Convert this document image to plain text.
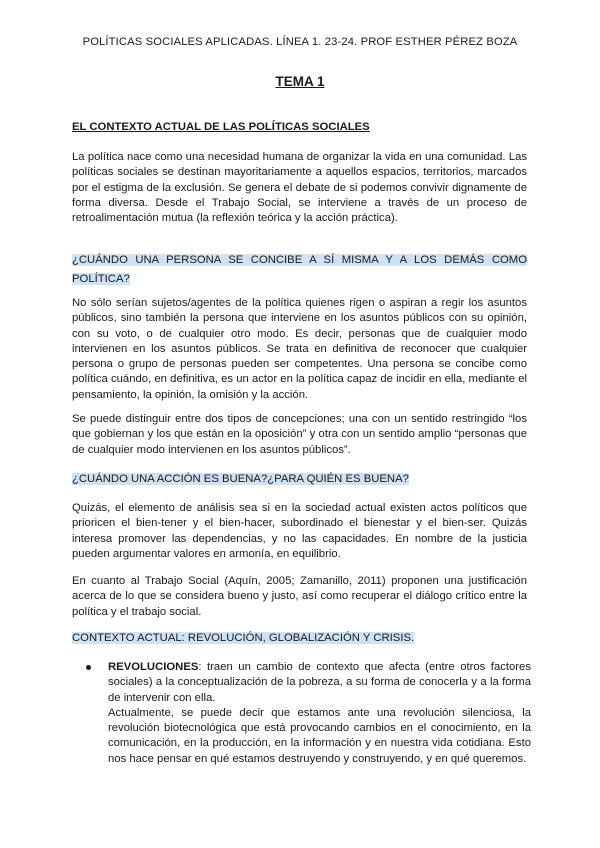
POLÍTICAS SOCIALES APLICADAS. LÍNEA 1. 23-24. PROF ESTHER PÉREZ BOZA
TEMA 1
EL CONTEXTO ACTUAL DE LAS POLÍTICAS SOCIALES

La política nace como una necesidad humana de organizar la vida en una comunidad. Las políticas sociales se destinan mayoritariamente a aquellos espacios, territorios, marcados por el estigma de la exclusión. Se genera el debate de si podemos convivir dignamente de forma diversa. Desde el Trabajo Social, se interviene a través de un proceso de retroalimentación mutua (la reflexión teórica y la acción práctica).

¿CUÁNDO UNA PERSONA SE CONCIBE A SÍ MISMA Y A LOS DEMÁS COMO POLÍTICA?

No sólo serían sujetos/agentes de la política quienes rigen o aspiran a regir los asuntos públicos, sino también la persona que interviene en los asuntos públicos con su opinión, con su voto, o de cualquier otro modo. Es decir, personas que de cualquier modo intervienen en los asuntos públicos. Se trata en definitiva de reconocer que cualquier persona o grupo de personas pueden ser competentes. Una persona se concibe como política cuándo, en definitiva, es un actor en la política capaz de incidir en ella, mediante el pensamiento, la opinión, la omisión y la acción.

Se puede distinguir entre dos tipos de concepciones; una con un sentido restringido “los que gobiernan y los que están en la oposición” y otra con un sentido amplio “personas que de cualquier modo intervienen en los asuntos públicos”.

¿CUÁNDO UNA ACCIÓN ES BUENA?¿PARA QUIÉN ES BUENA?

Quizás, el elemento de análisis sea si en la sociedad actual existen actos políticos que prioricen el bien-tener y el bien-hacer, subordinado el bienestar y el bien-ser. Quizás interesa promover las dependencias, y no las capacidades. En nombre de la justicia pueden argumentar valores en armonía, en equilibrio.

En cuanto al Trabajo Social (Aquín, 2005; Zamanillo, 2011) proponen una justificación acerca de lo que se considera bueno y justo, así como recuperar el diálogo crítico entre la política y el trabajo social.

CONTEXTO ACTUAL: REVOLUCIÓN, GLOBALIZACIÓN Y CRISIS.

REVOLUCIONES: traen un cambio de contexto que afecta (entre otros factores sociales) a la conceptualización de la pobreza, a su forma de conocerla y a la forma de intervenir con ella.

Actualmente, se puede decir que estamos ante una revolución silenciosa, la revolución biotecnológica que está provocando cambios en el conocimiento, en la comunicación, en la producción, en la información y en nuestra vida cotidiana. Esto nos hace pensar en qué estamos destruyendo y construyendo, y en qué queremos.
